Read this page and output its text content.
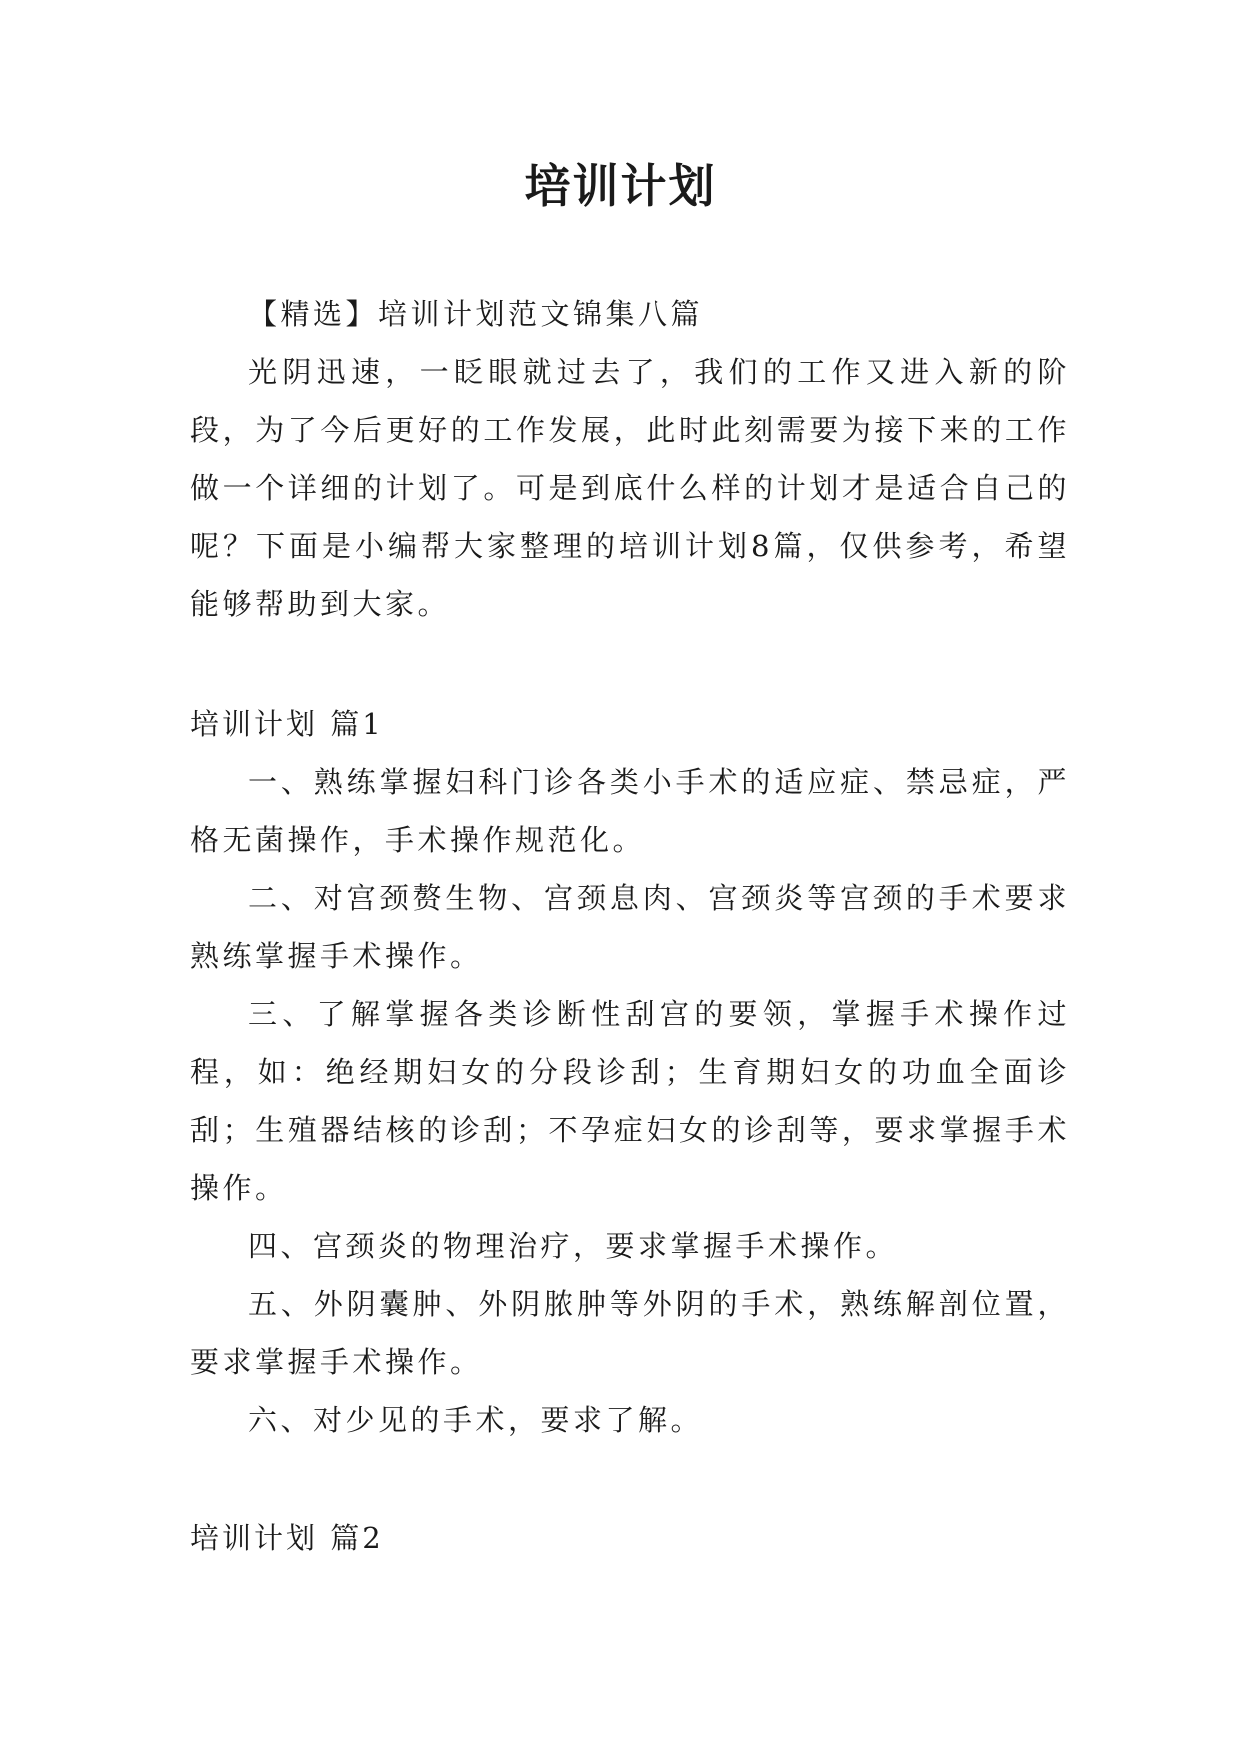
培训计划

【精选】培训计划范文锦集八篇

光阴迅速，一眨眼就过去了，我们的工作又进入新的阶段，为了今后更好的工作发展，此时此刻需要为接下来的工作做一个详细的计划了。可是到底什么样的计划才是适合自己的呢？下面是小编帮大家整理的培训计划8篇，仅供参考，希望能够帮助到大家。

培训计划 篇1

一、熟练掌握妇科门诊各类小手术的适应症、禁忌症，严格无菌操作，手术操作规范化。

二、对宫颈赘生物、宫颈息肉、宫颈炎等宫颈的手术要求熟练掌握手术操作。

三、了解掌握各类诊断性刮宫的要领，掌握手术操作过程，如：绝经期妇女的分段诊刮；生育期妇女的功血全面诊刮；生殖器结核的诊刮；不孕症妇女的诊刮等，要求掌握手术操作。

四、宫颈炎的物理治疗，要求掌握手术操作。

五、外阴囊肿、外阴脓肿等外阴的手术，熟练解剖位置，要求掌握手术操作。

六、对少见的手术，要求了解。

培训计划 篇2
